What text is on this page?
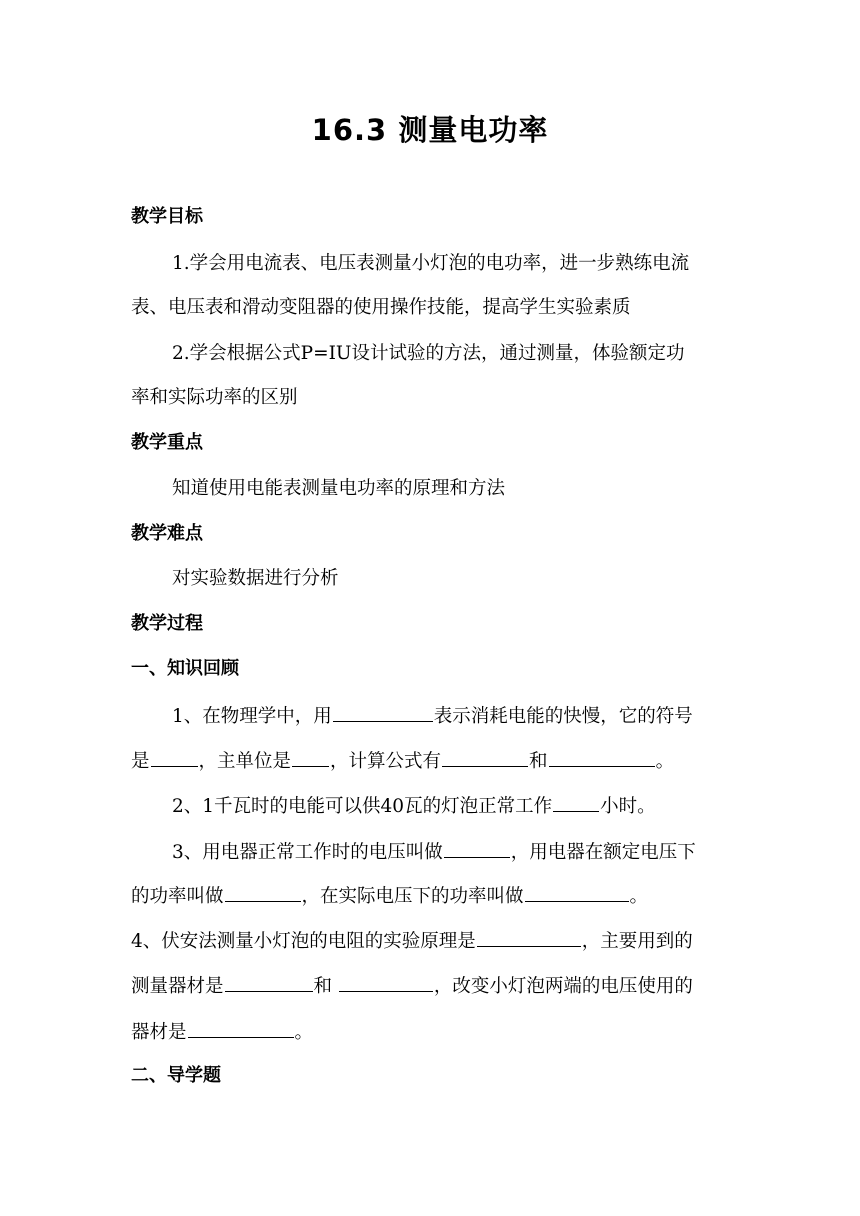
16.3 测量电功率
教学目标
1.学会用电流表、电压表测量小灯泡的电功率，进一步熟练电流
表、电压表和滑动变阻器的使用操作技能，提高学生实验素质
2.学会根据公式P=IU设计试验的方法，通过测量，体验额定功
率和实际功率的区别
教学重点
知道使用电能表测量电功率的原理和方法
教学难点
对实验数据进行分析
教学过程
一、知识回顾
1、在物理学中，用	表示消耗电能的快慢，它的符号
是	，主单位是 ，计算公式有	和	。
2、1千瓦时的电能可以供40瓦的灯泡正常工作	小时。
3、用电器正常工作时的电压叫做	，用电器在额定电压下
的功率叫做	，在实际电压下的功率叫做	。
4、伏安法测量小灯泡的电阻的实验原理是	，主要用到的
测量器材是	和	，改变小灯泡两端的电压使用的
器材是	。
二、导学题
